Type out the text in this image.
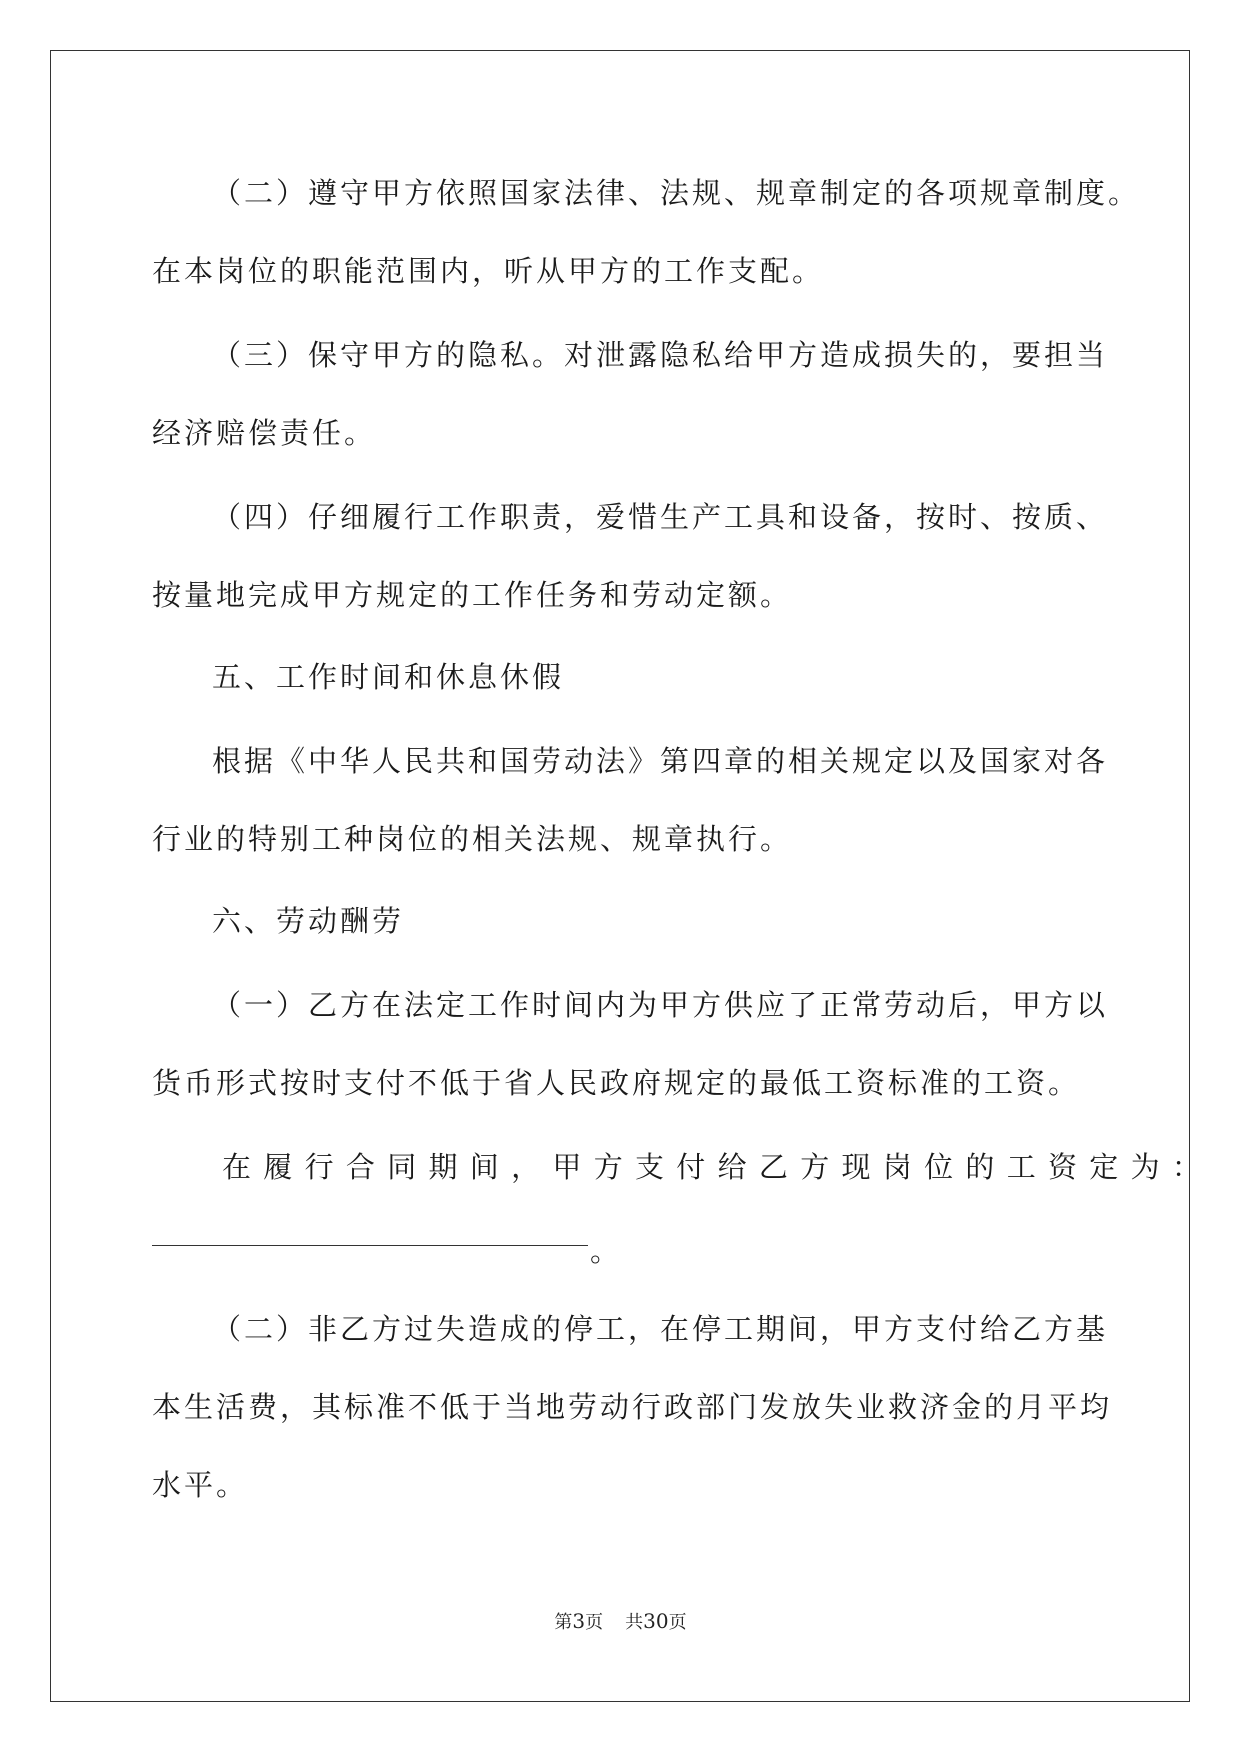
（二）遵守甲方依照国家法律、法规、规章制定的各项规章制度。
在本岗位的职能范围内，听从甲方的工作支配。
（三）保守甲方的隐私。对泄露隐私给甲方造成损失的，要担当
经济赔偿责任。
（四）仔细履行工作职责，爱惜生产工具和设备，按时、按质、
按量地完成甲方规定的工作任务和劳动定额。
五、工作时间和休息休假
根据《中华人民共和国劳动法》第四章的相关规定以及国家对各
行业的特别工种岗位的相关法规、规章执行。
六、劳动酬劳
（一）乙方在法定工作时间内为甲方供应了正常劳动后，甲方以
货币形式按时支付不低于省人民政府规定的最低工资标准的工资。
在履行合同期间，甲方支付给乙方现岗位的工资定为：
。
（二）非乙方过失造成的停工，在停工期间，甲方支付给乙方基
本生活费，其标准不低于当地劳动行政部门发放失业救济金的月平均
水平。
第3页 共30页
